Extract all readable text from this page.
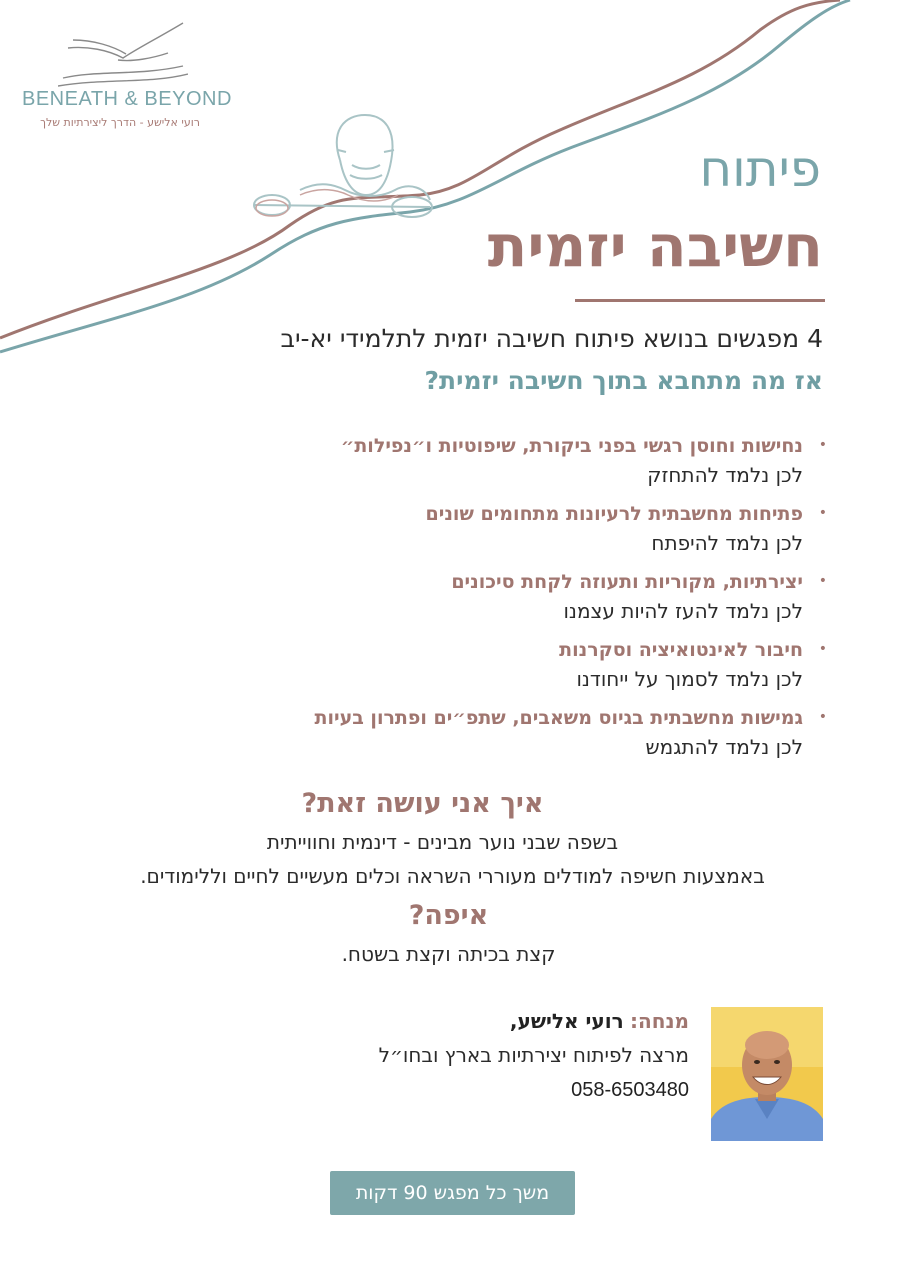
BENEATH & BEYOND
רועי אלישע - הדרך ליצירתיות שלך
פיתוח
חשיבה יזמית
4 מפגשים בנושא פיתוח חשיבה יזמית לתלמידי יא-יב
אז מה מתחבא בתוך חשיבה יזמית?
•
נחישות וחוסן רגשי בפני ביקורת, שיפוטיות ו״נפילות״
לכן נלמד להתחזק
•
פתיחות מחשבתית לרעיונות מתחומים שונים
לכן נלמד להיפתח
•
יצירתיות, מקוריות ותעוזה לקחת סיכונים
לכן נלמד להעז להיות עצמנו
•
חיבור לאינטואיציה וסקרנות
לכן נלמד לסמוך על ייחודנו
•
גמישות מחשבתית בגיוס משאבים, שתפ״ים ופתרון בעיות
לכן נלמד להתגמש
איך אני עושה זאת?
בשפה שבני נוער מבינים - דינמית וחווייתית
באמצעות חשיפה למודלים מעוררי השראה וכלים מעשיים לחיים וללימודים.
איפה?
קצת בכיתה וקצת בשטח.
מנחה: רועי אלישע,
מרצה לפיתוח יצירתיות בארץ ובחו״ל
058-6503480
משך כל מפגש 90 דקות
